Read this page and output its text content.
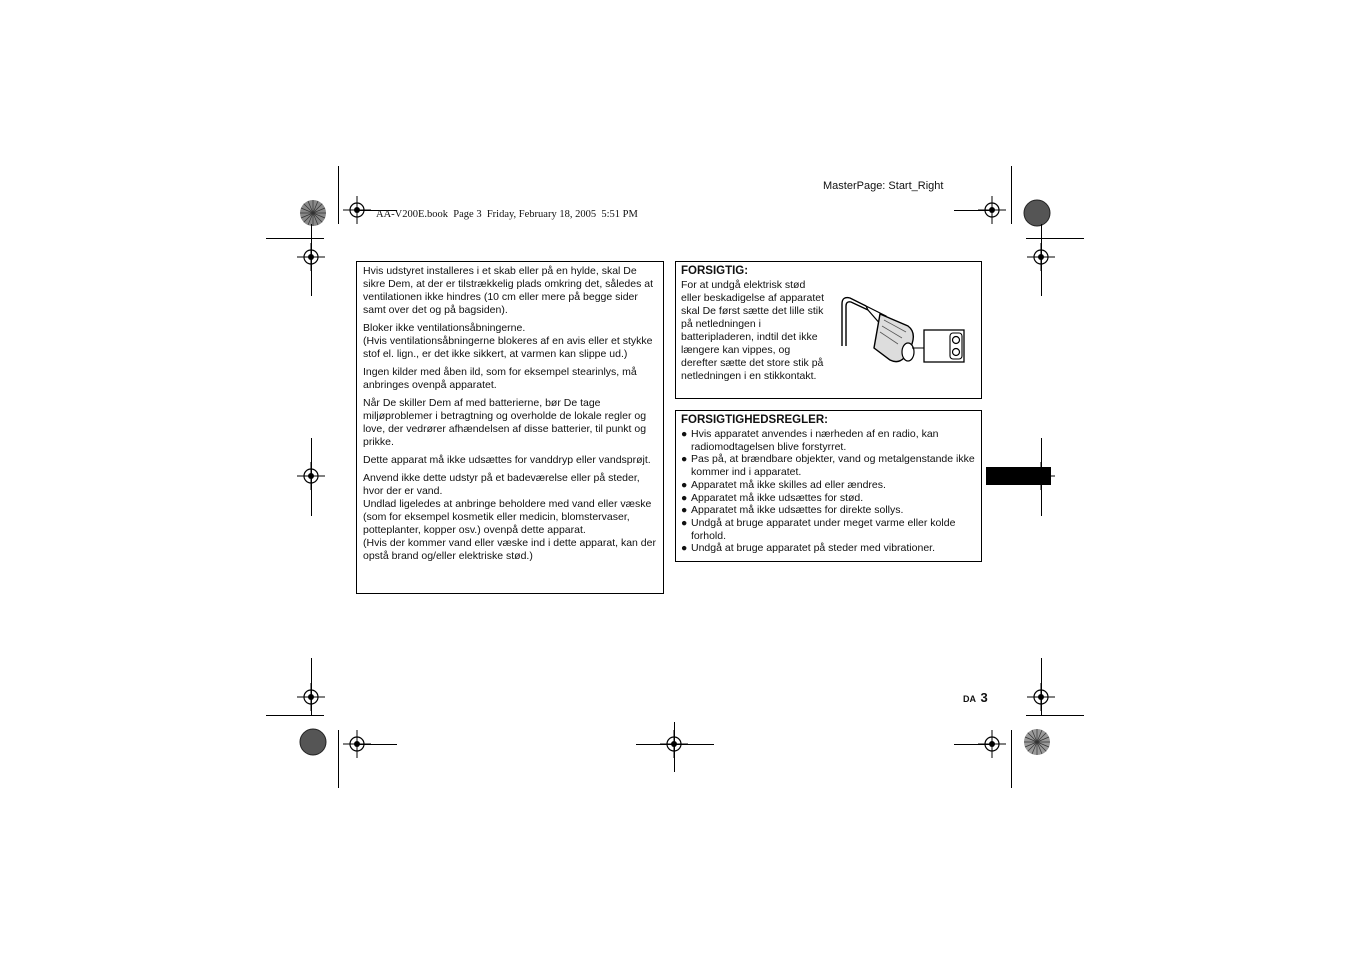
MasterPage: Start_Right
AA-V200E.book  Page 3  Friday, February 18, 2005  5:51 PM

Hvis udstyret installeres i et skab eller på en hylde, skal De sikre Dem, at der er tilstrækkelig plads omkring det, således at ventilationen ikke hindres (10 cm eller mere på begge sider samt over det og på bagsiden).

Bloker ikke ventilationsåbningerne.
(Hvis ventilationsåbningerne blokeres af en avis eller et stykke stof el. lign., er det ikke sikkert, at varmen kan slippe ud.)

Ingen kilder med åben ild, som for eksempel stearinlys, må anbringes ovenpå apparatet.

Når De skiller Dem af med batterierne, bør De tage miljøproblemer i betragtning og overholde de lokale regler og love, der vedrører afhændelsen af disse batterier, til punkt og prikke.

Dette apparat må ikke udsættes for vanddryp eller vandsprøjt.

Anvend ikke dette udstyr på et badeværelse eller på steder, hvor der er vand.
Undlad ligeledes at anbringe beholdere med vand eller væske (som for eksempel kosmetik eller medicin, blomstervaser, potteplanter, kopper osv.) ovenpå dette apparat.
(Hvis der kommer vand eller væske ind i dette apparat, kan der opstå brand og/eller elektriske stød.)

FORSIGTIG:
For at undgå elektrisk stød eller beskadigelse af apparatet skal De først sætte det lille stik på netledningen i batteripladeren, indtil det ikke længere kan vippes, og derefter sætte det store stik på netledningen i en stikkontakt.
FORSIGTIGHEDSREGLER:
● Hvis apparatet anvendes i nærheden af en radio, kan radiomodtagelsen blive forstyrret.
● Pas på, at brændbare objekter, vand og metalgenstande ikke kommer ind i apparatet.
● Apparatet må ikke skilles ad eller ændres.
● Apparatet må ikke udsættes for stød.
● Apparatet må ikke udsættes for direkte sollys.
● Undgå at bruge apparatet under meget varme eller kolde forhold.
● Undgå at bruge apparatet på steder med vibrationer.
DA 3
